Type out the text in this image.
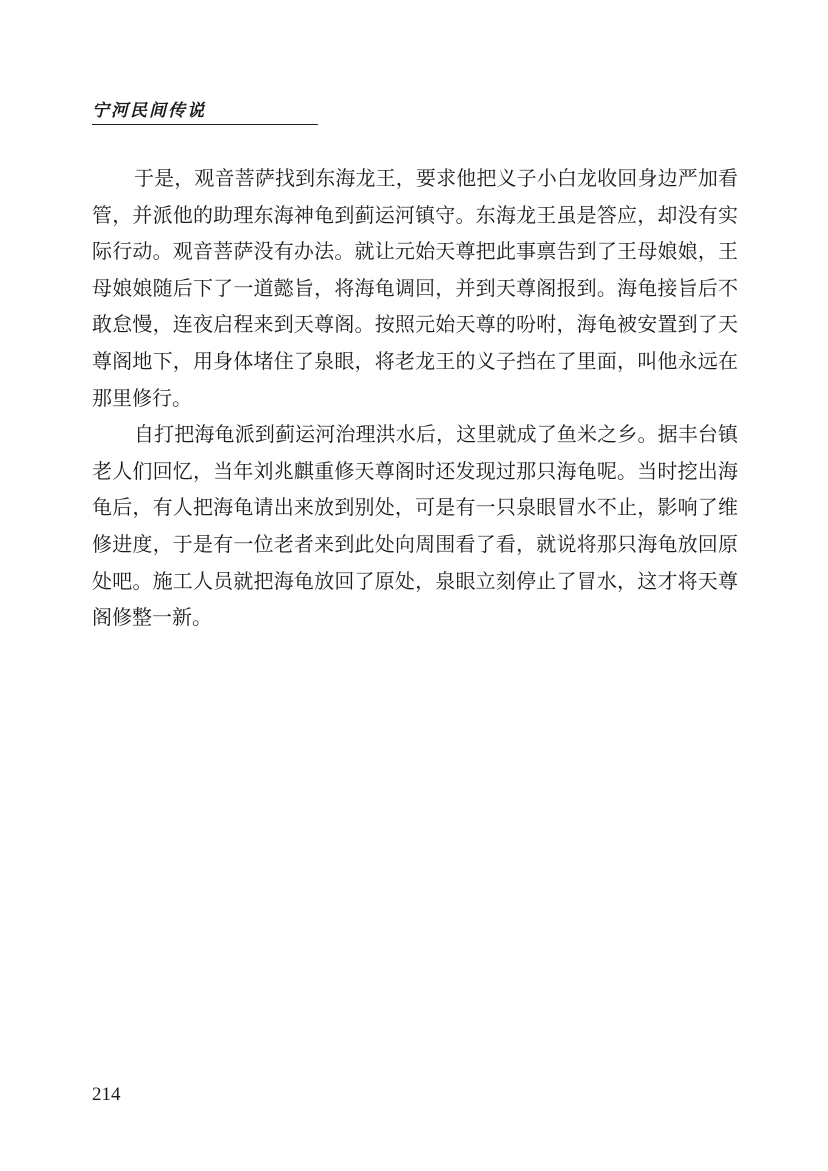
宁河民间传说

于是，观音菩萨找到东海龙王，要求他把义子小白龙收回身边严加看管，并派他的助理东海神龟到蓟运河镇守。东海龙王虽是答应，却没有实际行动。观音菩萨没有办法。就让元始天尊把此事禀告到了王母娘娘，王母娘娘随后下了一道懿旨，将海龟调回，并到天尊阁报到。海龟接旨后不敢怠慢，连夜启程来到天尊阁。按照元始天尊的吩咐，海龟被安置到了天尊阁地下，用身体堵住了泉眼，将老龙王的义子挡在了里面，叫他永远在那里修行。

自打把海龟派到蓟运河治理洪水后，这里就成了鱼米之乡。据丰台镇老人们回忆，当年刘兆麒重修天尊阁时还发现过那只海龟呢。当时挖出海龟后，有人把海龟请出来放到别处，可是有一只泉眼冒水不止，影响了维修进度，于是有一位老者来到此处向周围看了看，就说将那只海龟放回原处吧。施工人员就把海龟放回了原处，泉眼立刻停止了冒水，这才将天尊阁修整一新。

214
